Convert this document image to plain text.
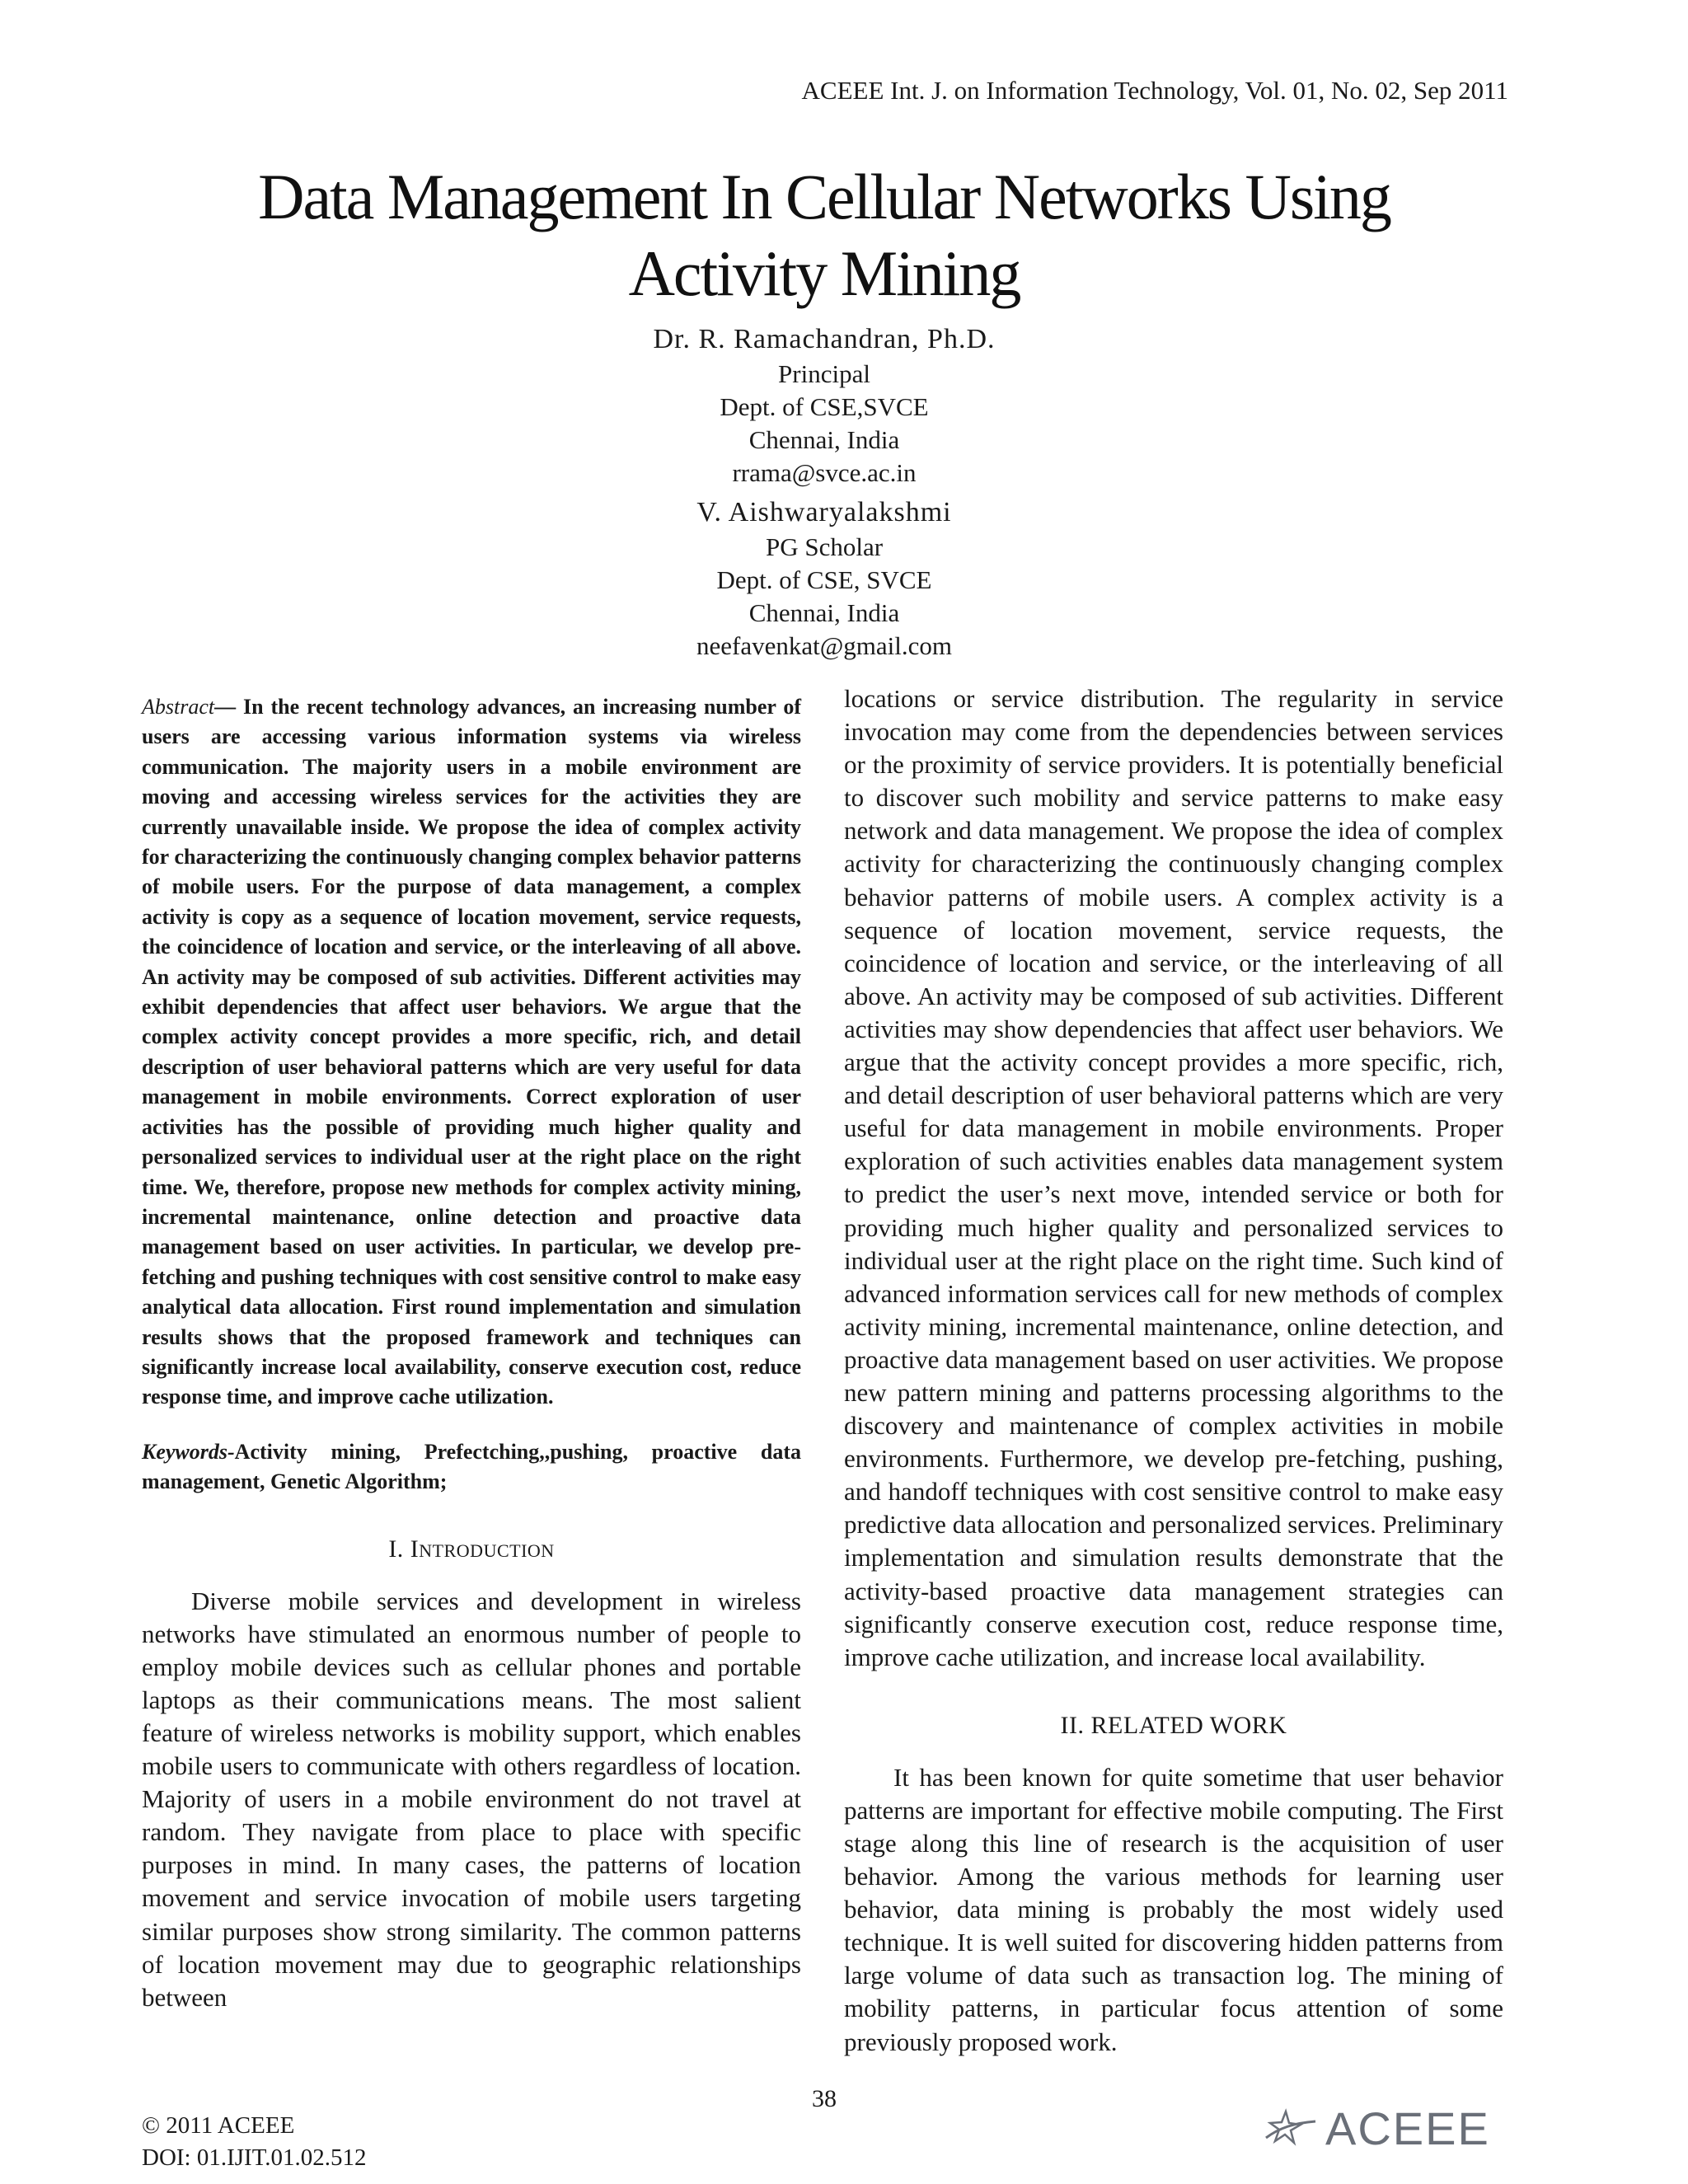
ACEEE Int. J. on Information Technology, Vol. 01, No. 02, Sep 2011
Data Management In Cellular Networks Using
Activity Mining
Dr. R. Ramachandran, Ph.D.
Principal
Dept. of CSE,SVCE
Chennai, India
rrama@svce.ac.in
V. Aishwaryalakshmi
PG Scholar
Dept. of CSE, SVCE
Chennai, India
neefavenkat@gmail.com

Abstract— In the recent technology advances, an increasing number of users are accessing various information systems via wireless communication. The majority users in a mobile environment are moving and accessing wireless services for the activities they are currently unavailable inside. We propose the idea of complex activity for characterizing the continuously changing complex behavior patterns of mobile users. For the purpose of data management, a complex activity is copy as a sequence of location movement, service requests, the coincidence of location and service, or the interleaving of all above. An activity may be composed of sub activities. Different activities may exhibit dependencies that affect user behaviors. We argue that the complex activity concept provides a more specific, rich, and detail description of user behavioral patterns which are very useful for data management in mobile environments. Correct exploration of user activities has the possible of providing much higher quality and personalized services to individual user at the right place on the right time. We, therefore, propose new methods for complex activity mining, incremental maintenance, online detection and proactive data management based on user activities. In particular, we develop pre-fetching and pushing techniques with cost sensitive control to make easy analytical data allocation. First round implementation and simulation results shows that the proposed framework and techniques can significantly increase local availability, conserve execution cost, reduce response time, and improve cache utilization.

Keywords-Activity mining, Prefectching,,pushing, proactive data management, Genetic Algorithm;

I. INTRODUCTION

Diverse mobile services and development in wireless networks have stimulated an enormous number of people to employ mobile devices such as cellular phones and portable laptops as their communications means. The most salient feature of wireless networks is mobility support, which enables mobile users to communicate with others regardless of location. Majority of users in a mobile environment do not travel at random. They navigate from place to place with specific purposes in mind. In many cases, the patterns of location movement and service invocation of mobile users targeting similar purposes show strong similarity. The common patterns of location movement may due to geographic relationships between

locations or service distribution. The regularity in service invocation may come from the dependencies between services or the proximity of service providers. It is potentially beneficial to discover such mobility and service patterns to make easy network and data management. We propose the idea of complex activity for characterizing the continuously changing complex behavior patterns of mobile users. A complex activity is a sequence of location movement, service requests, the coincidence of location and service, or the interleaving of all above. An activity may be composed of sub activities. Different activities may show dependencies that affect user behaviors. We argue that the activity concept provides a more specific, rich, and detail description of user behavioral patterns which are very useful for data management in mobile environments. Proper exploration of such activities enables data management system to predict the user’s next move, intended service or both for providing much higher quality and personalized services to individual user at the right place on the right time. Such kind of advanced information services call for new methods of complex activity mining, incremental maintenance, online detection, and proactive data management based on user activities. We propose new pattern mining and patterns processing algorithms to the discovery and maintenance of complex activities in mobile environments. Furthermore, we develop pre-fetching, pushing, and handoff techniques with cost sensitive control to make easy predictive data allocation and personalized services. Preliminary implementation and simulation results demonstrate that the activity-based proactive data management strategies can significantly conserve execution cost, reduce response time, improve cache utilization, and increase local availability.

II. RELATED WORK

It has been known for quite sometime that user behavior patterns are important for effective mobile computing. The First stage along this line of research is the acquisition of user behavior. Among the various methods for learning user behavior, data mining is probably the most widely used technique. It is well suited for discovering hidden patterns from large volume of data such as transaction log. The mining of mobility patterns, in particular focus attention of some previously proposed work.

38
© 2011 ACEEE
DOI: 01.IJIT.01.02.512
ACEEE
